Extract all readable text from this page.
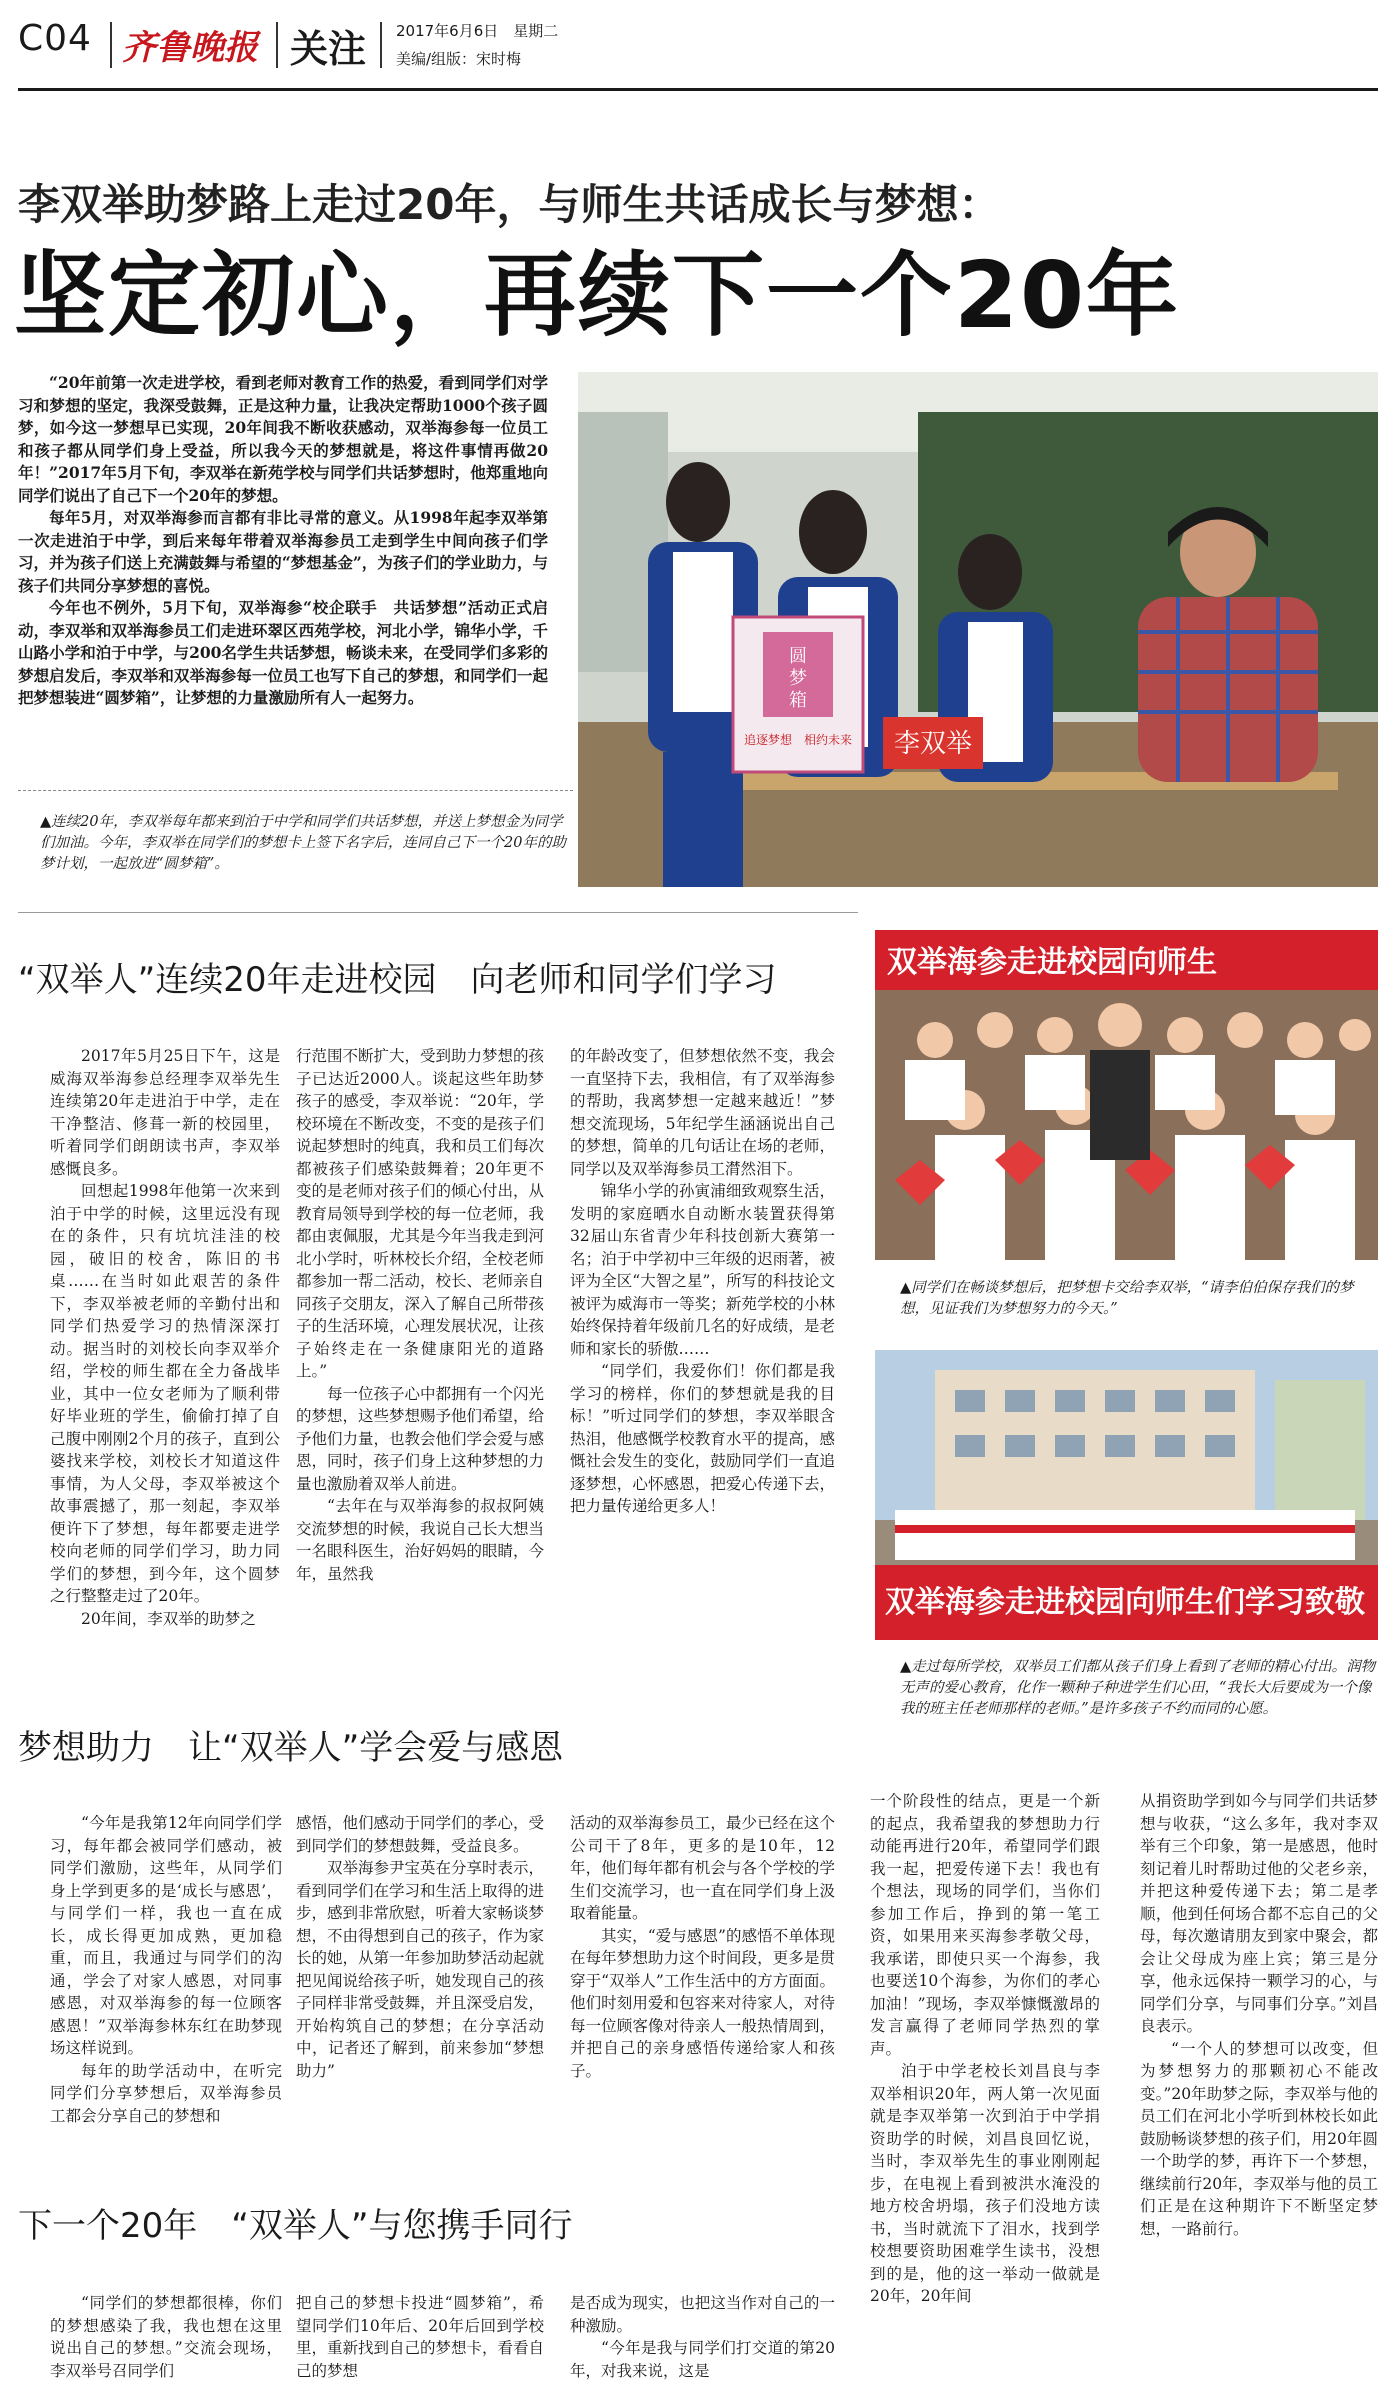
C04 齐鲁晚报 关注 2017年6月6日　星期二
美编/组版：宋时梅
李双举助梦路上走过20年，与师生共话成长与梦想：
坚定初心，再续下一个20年

“20年前第一次走进学校，看到老师对教育工作的热爱，看到同学们对学习和梦想的坚定，我深受鼓舞，正是这种力量，让我决定帮助1000个孩子圆梦，如今这一梦想早已实现，20年间我不断收获感动，双举海参每一位员工和孩子都从同学们身上受益，所以我今天的梦想就是，将这件事情再做20年！”2017年5月下旬，李双举在新苑学校与同学们共话梦想时，他郑重地向同学们说出了自己下一个20年的梦想。

每年5月，对双举海参而言都有非比寻常的意义。从1998年起李双举第一次走进泊于中学，到后来每年带着双举海参员工走到学生中间向孩子们学习，并为孩子们送上充满鼓舞与希望的“梦想基金”，为孩子们的学业助力，与孩子们共同分享梦想的喜悦。

今年也不例外，5月下旬，双举海参“校企联手　共话梦想”活动正式启动，李双举和双举海参员工们走进环翠区西苑学校，河北小学，锦华小学，千山路小学和泊于中学，与200名学生共话梦想，畅谈未来，在受同学们多彩的梦想启发后，李双举和双举海参每一位员工也写下自己的梦想，和同学们一起把梦想装进“圆梦箱”，让梦想的力量激励所有人一起努力。

▲连续20年，李双举每年都来到泊于中学和同学们共话梦想，并送上梦想金为同学们加油。今年，李双举在同学们的梦想卡上签下名字后，连同自己下一个20年的助梦计划，一起放进“圆梦箱”。
圆
梦
箱
追逐梦想　相约未来 李双举
“双举人”连续20年走进校园　向老师和同学们学习

2017年5月25日下午，这是威海双举海参总经理李双举先生连续第20年走进泊于中学，走在干净整洁、修葺一新的校园里，听着同学们朗朗读书声，李双举感慨良多。

回想起1998年他第一次来到泊于中学的时候，这里远没有现在的条件，只有坑坑洼洼的校园，破旧的校舍，陈旧的书桌……在当时如此艰苦的条件下，李双举被老师的辛勤付出和同学们热爱学习的热情深深打动。据当时的刘校长向李双举介绍，学校的师生都在全力备战毕业，其中一位女老师为了顺利带好毕业班的学生，偷偷打掉了自己腹中刚刚2个月的孩子，直到公婆找来学校，刘校长才知道这件事情，为人父母，李双举被这个故事震撼了，那一刻起，李双举便许下了梦想，每年都要走进学校向老师的同学们学习，助力同学们的梦想，到今年，这个圆梦之行整整走过了20年。

20年间，李双举的助梦之

行范围不断扩大，受到助力梦想的孩子已达近2000人。谈起这些年助梦孩子的感受，李双举说：“20年，学校环境在不断改变，不变的是孩子们说起梦想时的纯真，我和员工们每次都被孩子们感染鼓舞着；20年更不变的是老师对孩子们的倾心付出，从教育局领导到学校的每一位老师，我都由衷佩服，尤其是今年当我走到河北小学时，听林校长介绍，全校老师都参加一帮二活动，校长、老师亲自同孩子交朋友，深入了解自己所带孩子的生活环境，心理发展状况，让孩子始终走在一条健康阳光的道路上。”

每一位孩子心中都拥有一个闪光的梦想，这些梦想赐予他们希望，给予他们力量，也教会他们学会爱与感恩，同时，孩子们身上这种梦想的力量也激励着双举人前进。

“去年在与双举海参的叔叔阿姨交流梦想的时候，我说自己长大想当一名眼科医生，治好妈妈的眼睛，今年，虽然我

的年龄改变了，但梦想依然不变，我会一直坚持下去，我相信，有了双举海参的帮助，我离梦想一定越来越近！”梦想交流现场，5年纪学生涵涵说出自己的梦想，简单的几句话让在场的老师，同学以及双举海参员工潸然泪下。

锦华小学的孙寅浦细致观察生活，发明的家庭晒水自动断水装置获得第32届山东省青少年科技创新大赛第一名；泊于中学初中三年级的迟雨著，被评为全区“大智之星”，所写的科技论文被评为威海市一等奖；新苑学校的小林始终保持着年级前几名的好成绩，是老师和家长的骄傲……

“同学们，我爱你们！你们都是我学习的榜样，你们的梦想就是我的目标！”听过同学们的梦想，李双举眼含热泪，他感慨学校教育水平的提高，感慨社会发生的变化，鼓励同学们一直追逐梦想，心怀感恩，把爱心传递下去，把力量传递给更多人！

双举海参走进校园向师生
▲同学们在畅谈梦想后，把梦想卡交给李双举，“请李伯伯保存我们的梦想，见证我们为梦想努力的今天。”
双举海参走进校园向师生们学习致敬
▲走过每所学校，双举员工们都从孩子们身上看到了老师的精心付出。润物无声的爱心教育，化作一颗种子种进学生们心田，“我长大后要成为一个像我的班主任老师那样的老师。”是许多孩子不约而同的心愿。
梦想助力　让“双举人”学会爱与感恩

“今年是我第12年向同学们学习，每年都会被同学们感动，被同学们激励，这些年，从同学们身上学到更多的是‘成长与感恩’，与同学们一样，我也一直在成长，成长得更加成熟，更加稳重，而且，我通过与同学们的沟通，学会了对家人感恩，对同事感恩，对双举海参的每一位顾客感恩！”双举海参林东红在助梦现场这样说到。

每年的助学活动中，在听完同学们分享梦想后，双举海参员工都会分享自己的梦想和

感悟，他们感动于同学们的孝心，受到同学们的梦想鼓舞，受益良多。

双举海参尹宝英在分享时表示，看到同学们在学习和生活上取得的进步，感到非常欣慰，听着大家畅谈梦想，不由得想到自己的孩子，作为家长的她，从第一年参加助梦活动起就把见闻说给孩子听，她发现自己的孩子同样非常受鼓舞，并且深受启发，开始构筑自己的梦想；在分享活动中，记者还了解到，前来参加“梦想助力”

活动的双举海参员工，最少已经在这个公司干了8年，更多的是10年，12年，他们每年都有机会与各个学校的学生们交流学习，也一直在同学们身上汲取着能量。

其实，“爱与感恩”的感悟不单体现在每年梦想助力这个时间段，更多是贯穿于“双举人”工作生活中的方方面面。他们时刻用爱和包容来对待家人，对待每一位顾客像对待亲人一般热情周到，并把自己的亲身感悟传递给家人和孩子。

一个阶段性的结点，更是一个新的起点，我希望我的梦想助力行动能再进行20年，希望同学们跟我一起，把爱传递下去！我也有个想法，现场的同学们，当你们参加工作后，挣到的第一笔工资，如果用来买海参孝敬父母，我承诺，即使只买一个海参，我也要送10个海参，为你们的孝心加油！”现场，李双举慷慨激昂的发言赢得了老师同学热烈的掌声。

泊于中学老校长刘昌良与李双举相识20年，两人第一次见面就是李双举第一次到泊于中学捐资助学的时候，刘昌良回忆说，当时，李双举先生的事业刚刚起步，在电视上看到被洪水淹没的地方校舍坍塌，孩子们没地方读书，当时就流下了泪水，找到学校想要资助困难学生读书，没想到的是，他的这一举动一做就是20年，20年间

从捐资助学到如今与同学们共话梦想与收获，“这么多年，我对李双举有三个印象，第一是感恩，他时刻记着儿时帮助过他的父老乡亲，并把这种爱传递下去；第二是孝顺，他到任何场合都不忘自己的父母，每次邀请朋友到家中聚会，都会让父母成为座上宾；第三是分享，他永远保持一颗学习的心，与同学们分享，与同事们分享。”刘昌良表示。

“一个人的梦想可以改变，但为梦想努力的那颗初心不能改变。”20年助梦之际，李双举与他的员工们在河北小学听到林校长如此鼓励畅谈梦想的孩子们，用20年圆一个助学的梦，再许下一个梦想，继续前行20年，李双举与他的员工们正是在这种期许下不断坚定梦想，一路前行。

下一个20年　“双举人”与您携手同行

“同学们的梦想都很棒，你们的梦想感染了我，我也想在这里说出自己的梦想。”交流会现场，李双举号召同学们

把自己的梦想卡投进“圆梦箱”，希望同学们10年后、20年后回到学校里，重新找到自己的梦想卡，看看自己的梦想

是否成为现实，也把这当作对自己的一种激励。

“今年是我与同学们打交道的第20年，对我来说，这是
